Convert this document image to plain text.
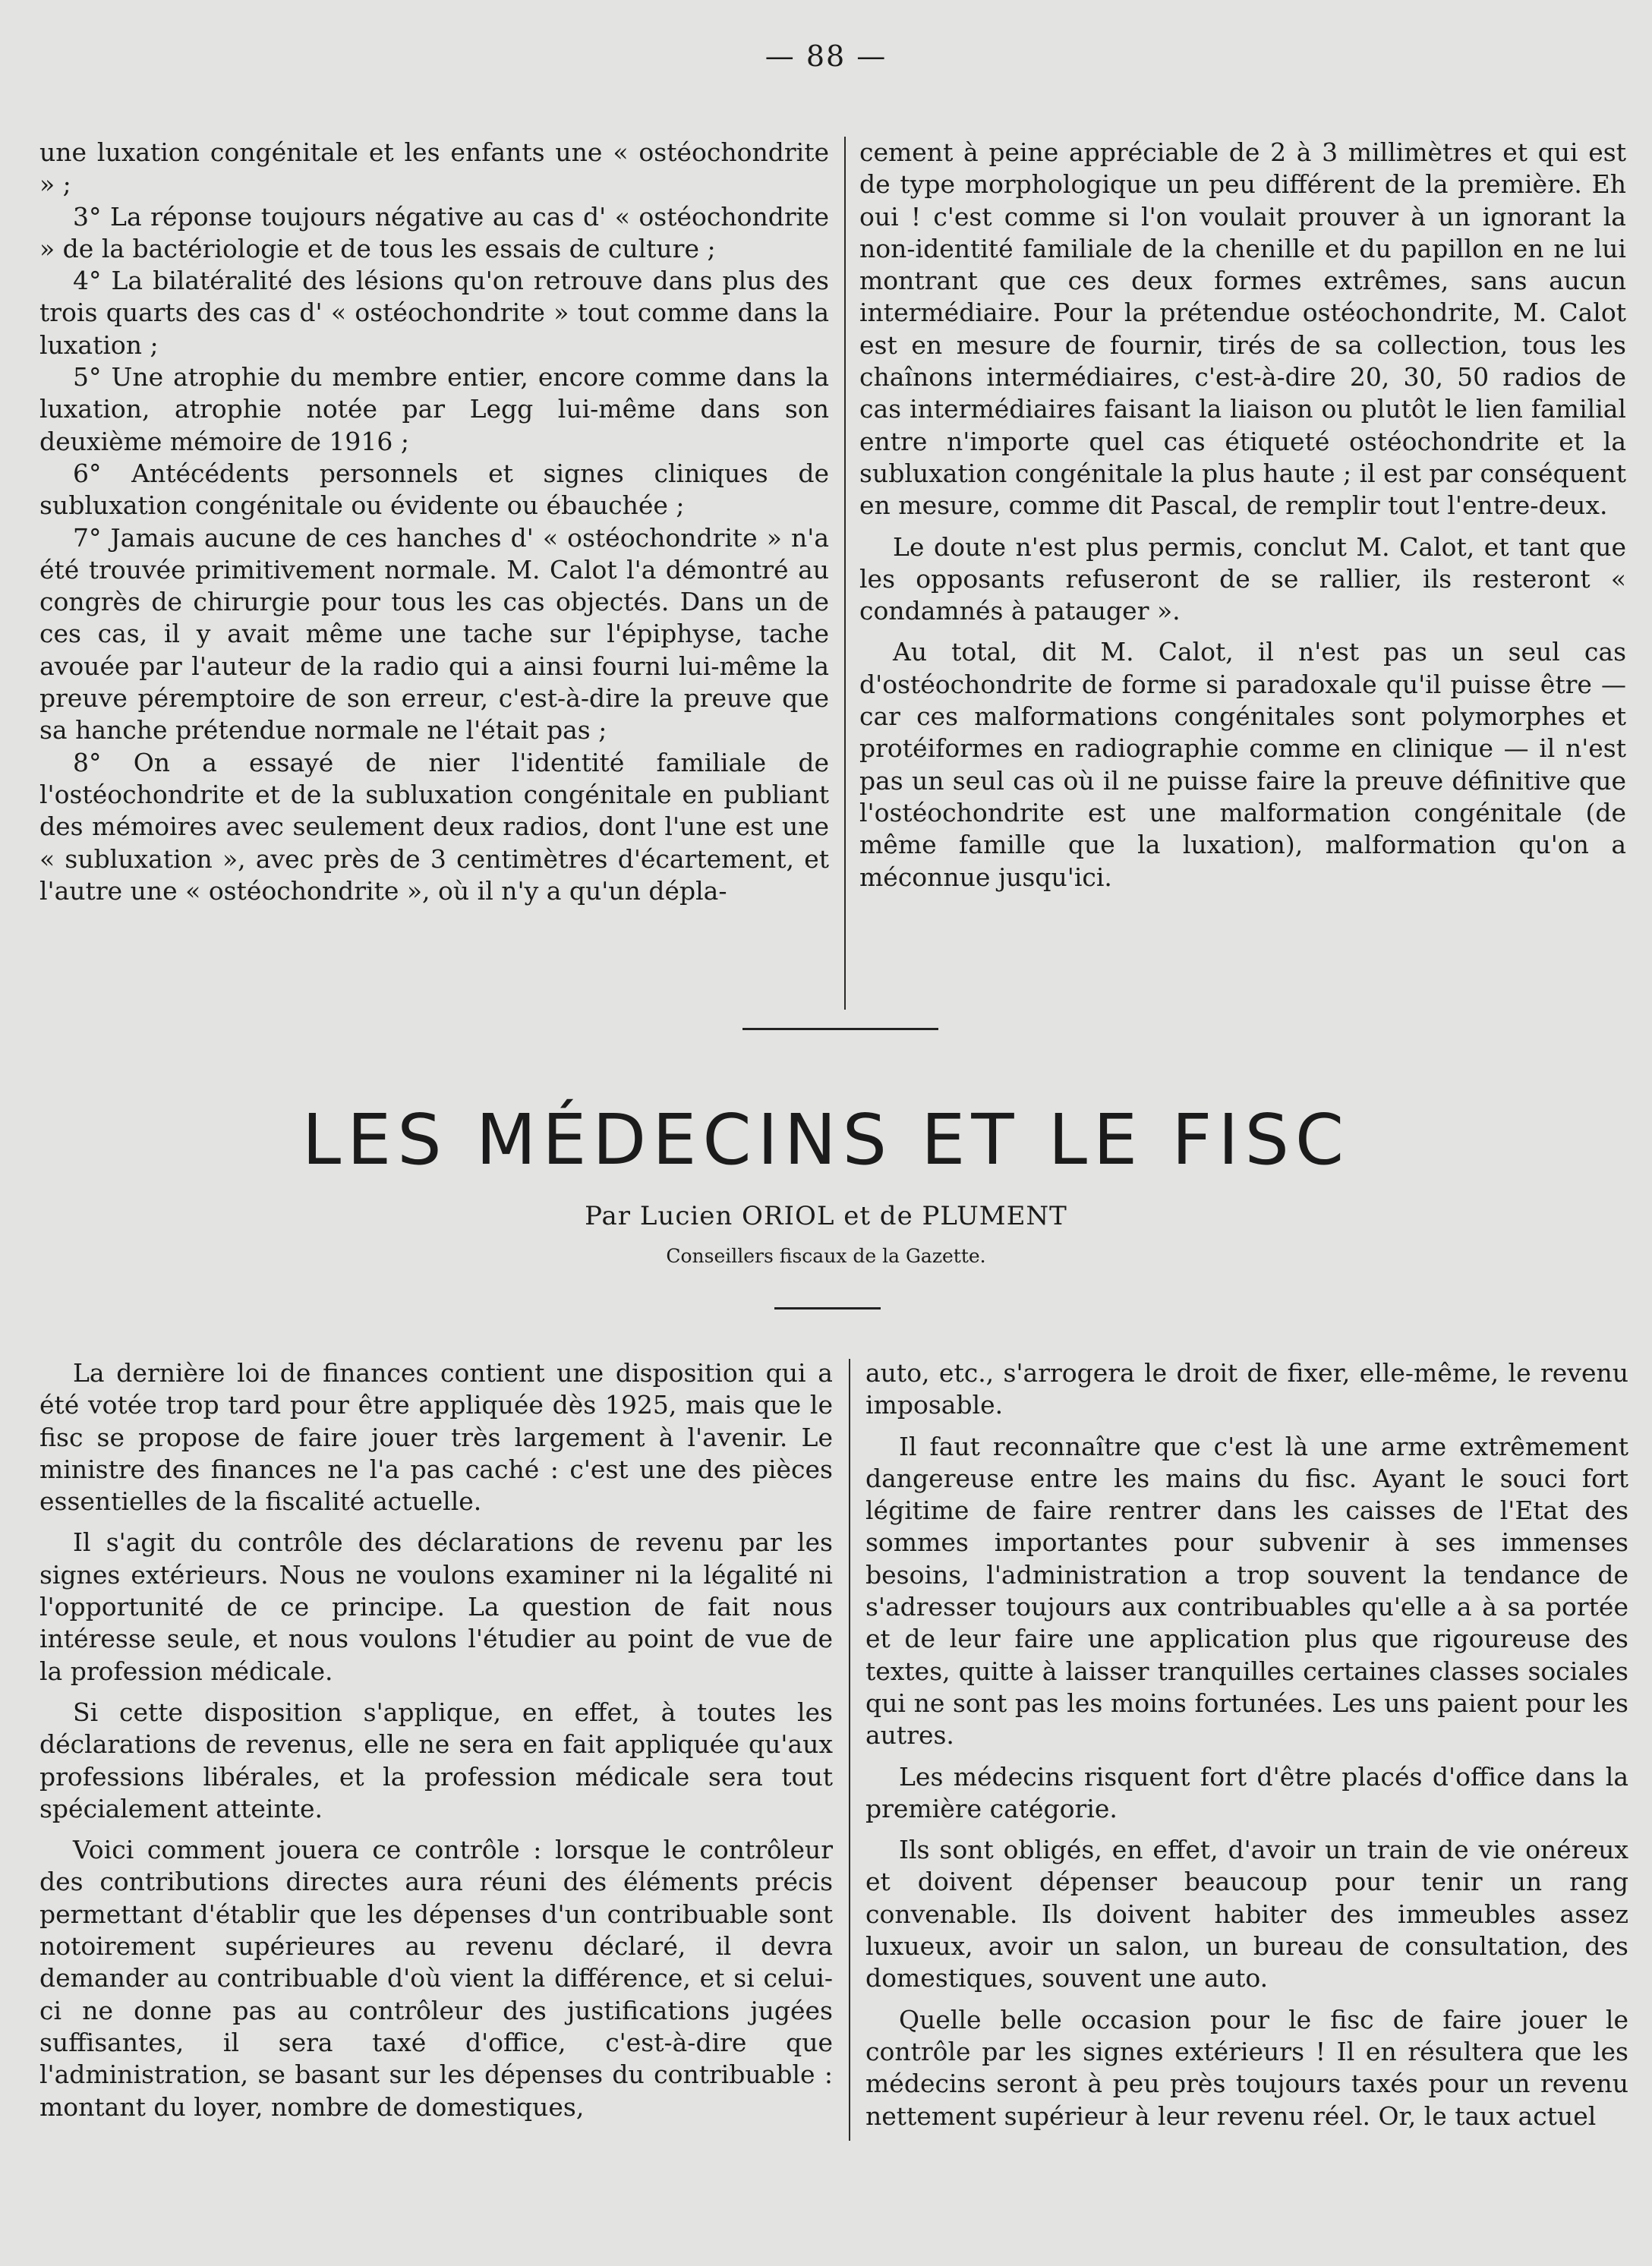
— 88 —

une luxation congénitale et les enfants une « ostéochondrite » ;

3° La réponse toujours négative au cas d' « ostéochondrite » de la bactériologie et de tous les essais de culture ;

4° La bilatéralité des lésions qu'on retrouve dans plus des trois quarts des cas d' « ostéochondrite » tout comme dans la luxation ;

5° Une atrophie du membre entier, encore comme dans la luxation, atrophie notée par Legg lui-même dans son deuxième mémoire de 1916 ;

6° Antécédents personnels et signes cliniques de subluxation congénitale ou évidente ou ébauchée ;

7° Jamais aucune de ces hanches d' « ostéochondrite » n'a été trouvée primitivement normale. M. Calot l'a démontré au congrès de chirurgie pour tous les cas objectés. Dans un de ces cas, il y avait même une tache sur l'épiphyse, tache avouée par l'auteur de la radio qui a ainsi fourni lui-même la preuve péremptoire de son erreur, c'est-à-dire la preuve que sa hanche prétendue normale ne l'était pas ;

8° On a essayé de nier l'identité familiale de l'ostéochondrite et de la subluxation congénitale en publiant des mémoires avec seulement deux radios, dont l'une est une « subluxation », avec près de 3 centimètres d'écartement, et l'autre une « ostéochondrite », où il n'y a qu'un dépla-

cement à peine appréciable de 2 à 3 millimètres et qui est de type morphologique un peu différent de la première. Eh oui ! c'est comme si l'on voulait prouver à un ignorant la non-identité familiale de la chenille et du papillon en ne lui montrant que ces deux formes extrêmes, sans aucun intermédiaire. Pour la prétendue ostéochondrite, M. Calot est en mesure de fournir, tirés de sa collection, tous les chaînons intermédiaires, c'est-à-dire 20, 30, 50 radios de cas intermédiaires faisant la liaison ou plutôt le lien familial entre n'importe quel cas étiqueté ostéochondrite et la subluxation congénitale la plus haute ; il est par conséquent en mesure, comme dit Pascal, de remplir tout l'entre-deux.

Le doute n'est plus permis, conclut M. Calot, et tant que les opposants refuseront de se rallier, ils resteront « condamnés à patauger ».

Au total, dit M. Calot, il n'est pas un seul cas d'ostéochondrite de forme si paradoxale qu'il puisse être — car ces malformations congénitales sont polymorphes et protéiformes en radiographie comme en clinique — il n'est pas un seul cas où il ne puisse faire la preuve définitive que l'ostéochondrite est une malformation congénitale (de même famille que la luxation), malformation qu'on a méconnue jusqu'ici.

LES MÉDECINS ET LE FISC
Par Lucien ORIOL et de PLUMENT
Conseillers fiscaux de la Gazette.

La dernière loi de finances contient une disposition qui a été votée trop tard pour être appliquée dès 1925, mais que le fisc se propose de faire jouer très largement à l'avenir. Le ministre des finances ne l'a pas caché : c'est une des pièces essentielles de la fiscalité actuelle.

Il s'agit du contrôle des déclarations de revenu par les signes extérieurs. Nous ne voulons examiner ni la légalité ni l'opportunité de ce principe. La question de fait nous intéresse seule, et nous voulons l'étudier au point de vue de la profession médicale.

Si cette disposition s'applique, en effet, à toutes les déclarations de revenus, elle ne sera en fait appliquée qu'aux professions libérales, et la profession médicale sera tout spécialement atteinte.

Voici comment jouera ce contrôle : lorsque le contrôleur des contributions directes aura réuni des éléments précis permettant d'établir que les dépenses d'un contribuable sont notoirement supérieures au revenu déclaré, il devra demander au contribuable d'où vient la différence, et si celui-ci ne donne pas au contrôleur des justifications jugées suffisantes, il sera taxé d'office, c'est-à-dire que l'administration, se basant sur les dépenses du contribuable : montant du loyer, nombre de domestiques,

auto, etc., s'arrogera le droit de fixer, elle-même, le revenu imposable.

Il faut reconnaître que c'est là une arme extrêmement dangereuse entre les mains du fisc. Ayant le souci fort légitime de faire rentrer dans les caisses de l'Etat des sommes importantes pour subvenir à ses immenses besoins, l'administration a trop souvent la tendance de s'adresser toujours aux contribuables qu'elle a à sa portée et de leur faire une application plus que rigoureuse des textes, quitte à laisser tranquilles certaines classes sociales qui ne sont pas les moins fortunées. Les uns paient pour les autres.

Les médecins risquent fort d'être placés d'office dans la première catégorie.

Ils sont obligés, en effet, d'avoir un train de vie onéreux et doivent dépenser beaucoup pour tenir un rang convenable. Ils doivent habiter des immeubles assez luxueux, avoir un salon, un bureau de consultation, des domestiques, souvent une auto.

Quelle belle occasion pour le fisc de faire jouer le contrôle par les signes extérieurs ! Il en résultera que les médecins seront à peu près toujours taxés pour un revenu nettement supérieur à leur revenu réel. Or, le taux actuel
